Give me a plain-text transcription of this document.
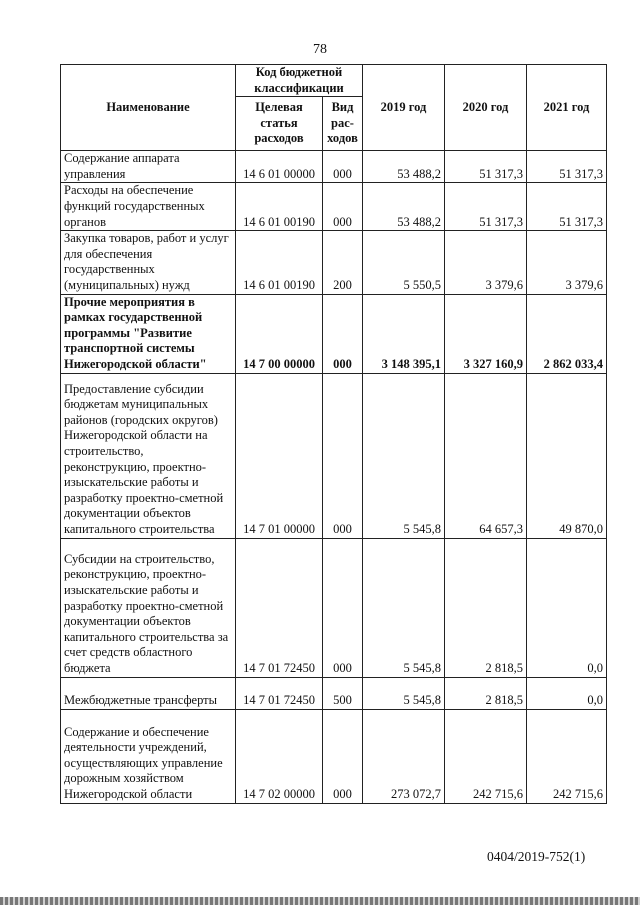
78
Наименование	Код бюджетной классификации		2019 год	2020 год	2021 год
	Целевая статья расходов	Вид рас- ходов			
Содержание аппарата управления	14 6 01 00000	000	53 488,2	51 317,3	51 317,3
Расходы на обеспечение функций государственных органов	14 6 01 00190	000	53 488,2	51 317,3	51 317,3
Закупка товаров, работ и услуг для обеспечения государственных (муниципальных) нужд	14 6 01 00190	200	5 550,5	3 379,6	3 379,6
Прочие мероприятия в рамках государственной программы "Развитие транспортной системы Нижегородской области"	14 7 00 00000	000	3 148 395,1	3 327 160,9	2 862 033,4
Предоставление субсидии бюджетам муниципальных районов (городских округов) Нижегородской области на строительство, реконструкцию, проектно-изыскательские работы и разработку проектно-сметной документации объектов капитального строительства	14 7 01 00000	000	5 545,8	64 657,3	49 870,0
Субсидии на строительство, реконструкцию, проектно-изыскательские работы и разработку проектно-сметной документации объектов капитального строительства за счет средств областного бюджета	14 7 01 72450	000	5 545,8	2 818,5	0,0
Межбюджетные трансферты	14 7 01 72450	500	5 545,8	2 818,5	0,0
Содержание и обеспечение деятельности учреждений, осуществляющих управление дорожным хозяйством Нижегородской области	14 7 02 00000	000	273 072,7	242 715,6	242 715,6
0404/2019-752(1)
